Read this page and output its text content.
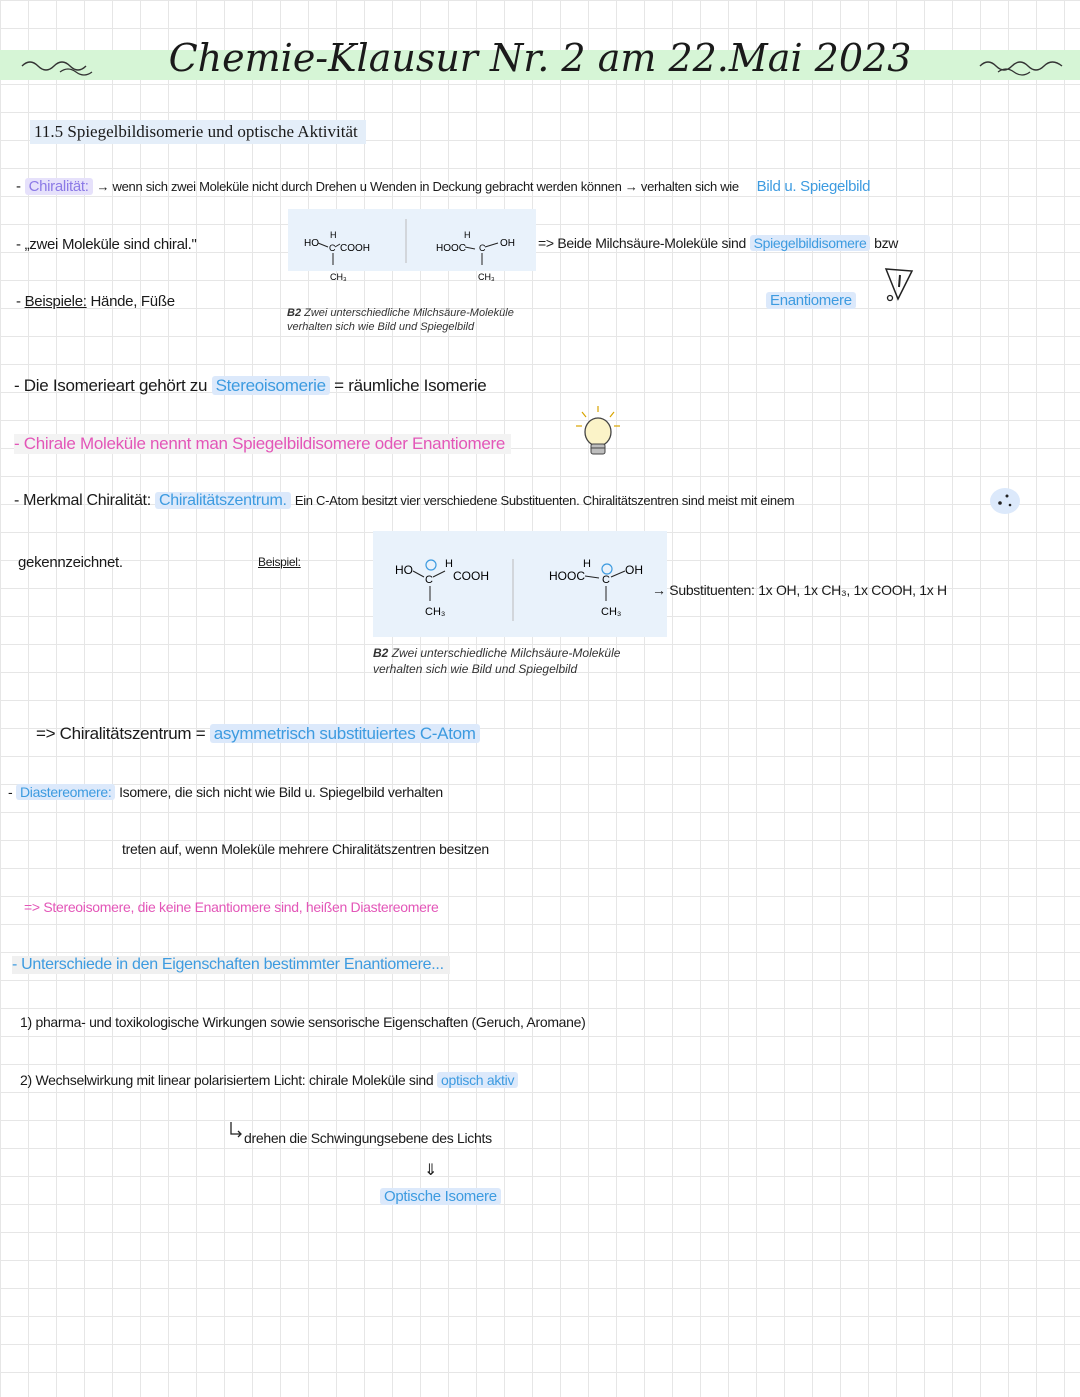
Chemie-Klausur Nr. 2 am 22.Mai 2023
11.5 Spiegelbildisomerie und optische Aktivität
- Chiralität: → wenn sich zwei Moleküle nicht durch Drehen u Wenden in Deckung gebracht werden können → verhalten sich wie Bild u. Spiegelbild
- „zwei Moleküle sind chiral."
- Beispiele: Hände, Füße
HO
H
C COOH
CH₃
HOOC
H
C OH
CH₃
B2 Zwei unterschiedliche Milchsäure-Moleküle verhalten sich wie Bild und Spiegelbild
=> Beide Milchsäure-Moleküle sind Spiegelbildisomere bzw
Enantiomere
- Die Isomerieart gehört zu Stereoisomerie = räumliche Isomerie
- Chirale Moleküle nennt man Spiegelbildisomere oder Enantiomere
- Merkmal Chiralität: Chiralitätszentrum. Ein C-Atom besitzt vier verschiedene Substituenten. Chiralitätszentren sind meist mit einem
gekennzeichnet.	Beispiel:
HO	H
C COOH
CH₃
HOOC
H
C
OH
CH₃
B2 Zwei unterschiedliche Milchsäure-Moleküle verhalten sich wie Bild und Spiegelbild
→ Substituenten: 1x OH, 1x CH₃, 1x COOH, 1x H
=> Chiralitätszentrum = asymmetrisch substituiertes C-Atom
- Diastereomere: Isomere, die sich nicht wie Bild u. Spiegelbild verhalten
treten auf, wenn Moleküle mehrere Chiralitätszentren besitzen
=> Stereoisomere, die keine Enantiomere sind, heißen Diastereomere
- Unterschiede in den Eigenschaften bestimmter Enantiomere...
1) pharma- und toxikologische Wirkungen sowie sensorische Eigenschaften (Geruch, Aromane)
2) Wechselwirkung mit linear polarisiertem Licht: chirale Moleküle sind optisch aktiv
drehen die Schwingungsebene des Lichts
⇓
Optische Isomere
